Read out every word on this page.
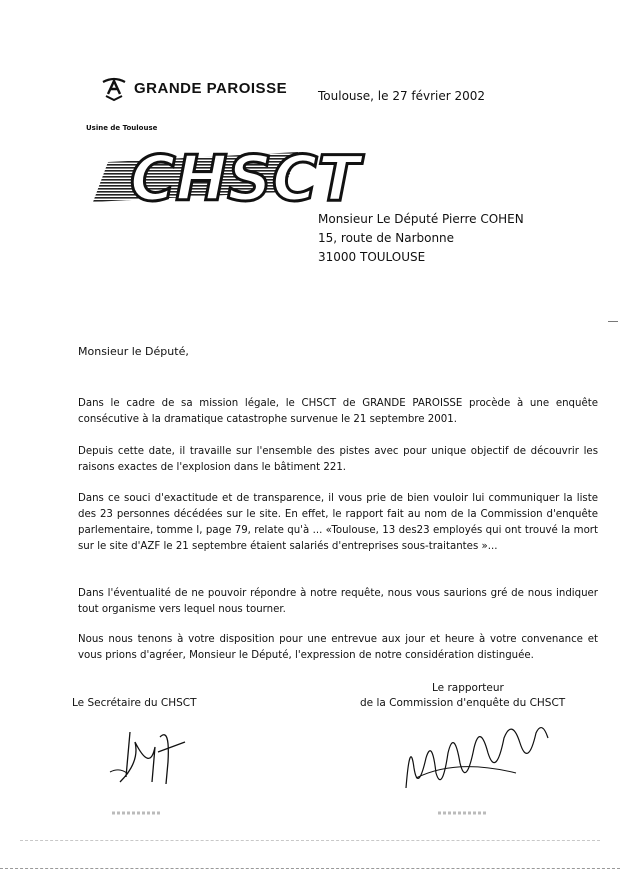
GRANDE PAROISSE
Usine de Toulouse
CHSCT
Toulouse, le 27 février 2002
Monsieur Le Député Pierre COHEN
15, route de Narbonne
31000 TOULOUSE
Monsieur le Député,
Dans le cadre de sa mission légale, le CHSCT de GRANDE PAROISSE procède à une enquête consécutive à la dramatique catastrophe survenue le 21 septembre 2001.
Depuis cette date, il travaille sur l'ensemble des pistes avec pour unique objectif de découvrir les raisons exactes de l'explosion dans le bâtiment 221.
Dans ce souci d'exactitude et de transparence, il vous prie de bien vouloir lui communiquer la liste des 23 personnes décédées sur le site. En effet, le rapport fait au nom de la Commission d'enquête parlementaire, tomme I, page 79, relate qu'à ... «Toulouse, 13 des23 employés qui ont trouvé la mort sur le site d'AZF le 21 septembre étaient salariés d'entreprises sous-traitantes »...
Dans l'éventualité de ne pouvoir répondre à notre requête, nous vous saurions gré de nous indiquer tout organisme vers lequel nous tourner.
Nous nous tenons à votre disposition pour une entrevue aux jour et heure à votre convenance et vous prions d'agréer, Monsieur le Député, l'expression de notre considération distinguée.
Le Secrétaire du CHSCT
Le rapporteur
de la Commission d'enquête du CHSCT
